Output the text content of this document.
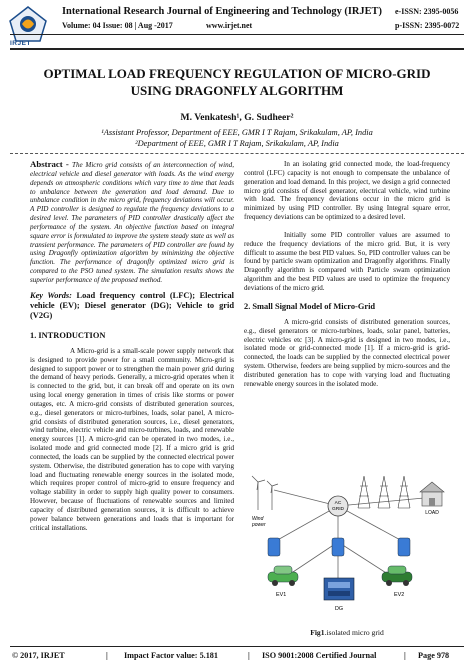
IRJET
International Research Journal of Engineering and Technology (IRJET)
Volume: 04 Issue: 08 | Aug -2017	www.irjet.net
e-ISSN: 2395-0056
p-ISSN: 2395-0072
OPTIMAL LOAD FREQUENCY REGULATION OF MICRO-GRID USING DRAGONFLY ALGORITHM
M. Venkatesh¹, G. Sudheer²
¹Assistant Professor, Department of EEE, GMR I T Rajam, Srikakulam, AP, India
²Department of EEE, GMR I T Rajam, Srikakulam, AP, India

Abstract - The Micro grid consists of an interconnection of wind, electrical vehicle and diesel generator with loads. As the wind energy depends on atmospheric conditions which vary time to time that leads to unbalance between the generation and load demand. Due to unbalance condition in the micro grid, frequency deviations will occur. A PID controller is designed to regulate the frequency deviations to a desired level. The parameters of PID controller drastically affect the performance of the system. An objective function based on integral square error is formulated to improve the system steady state as well as transient performance. The parameters of PID controller are found by using Dragonfly optimization algorithm by minimizing the objective function. The performance of dragonfly optimized micro grid is compared to the PSO tuned system. The simulation results shows the superior performance of the proposed method.

Key Words: Load frequency control (LFC); Electrical vehicle (EV); Diesel generator (DG); Vehicle to grid (V2G)

1. INTRODUCTION

A Micro-grid is a small-scale power supply network that is designed to provide power for a small community. Micro-grid is designed to support power or to strengthen the main power grid during the demand of heavy periods. Generally, a micro-grid operates when it is connected to the grid, but, it can break off and operate on its own using local energy generation in times of crisis like storms or power outages, etc. A micro-grid consists of distributed generation sources, e.g., diesel generators or micro-turbines, loads, solar panel, A micro-grid consists of distributed generation sources, i.e., diesel generators, wind turbine, electric vehicle and micro-turbines, loads, and renewable energy sources [1]. A micro-grid can be operated in two modes, i.e., isolated mode and grid connected mode [2]. If a micro grid is grid connected, the loads can be supplied by the connected electrical power system. Otherwise, the distributed generation has to cope with varying load and fluctuating renewable energy sources in the isolated mode, which requires proper control of micro-grid to ensure frequency and voltage stability in order to supply high quality power to consumers. However, because of fluctuations of renewable sources and limited capacity of distributed generation sources, it is difficult to achieve power balance between generations and loads that is important for critical installations.

In an isolating grid connected mode, the load-frequency control (LFC) capacity is not enough to compensate the unbalance of generation and load demand. In this project, we design a grid connected micro grid consists of diesel generator, electrical vehicle, wind turbine with load. The frequency deviations occur in the micro grid is minimized by using PID controller. By using Integral square error, frequency deviations can be optimized to a desired level.

Initially some PID controller values are assumed to reduce the frequency deviations of the micro grid. But, it is very difficult to assume the best PID values. So, PID controller values can be found by particle swam optimization and Dragonfly algorithms. Finally Dragonfly algorithm is compared with Particle swam optimization algorithm and the best PID values are used to optimize the frequency deviations of the micro grid.

2. Small Signal Model of Micro-Grid

A micro-grid consists of distributed generation sources, e.g., diesel generators or micro-turbines, loads, solar panel, batteries, electric vehicles etc [3]. A micro-grid is designed in two modes, i.e., isolated mode or grid-connected mode [1]. If a micro-grid is grid-connected, the loads can be supplied by the connected electrical power system. Otherwise, feeders are being supplied by micro-sources and the distributed generation has to cope with varying load and fluctuating renewable energy sources in the isolated mode.

AC
GRID
LOAD
Wind
power
EV1	EV2
DG
Fig1.isolated micro grid
© 2017, IRJET	| Impact Factor value: 5.181	| ISO 9001:2008 Certified Journal	| Page 978
